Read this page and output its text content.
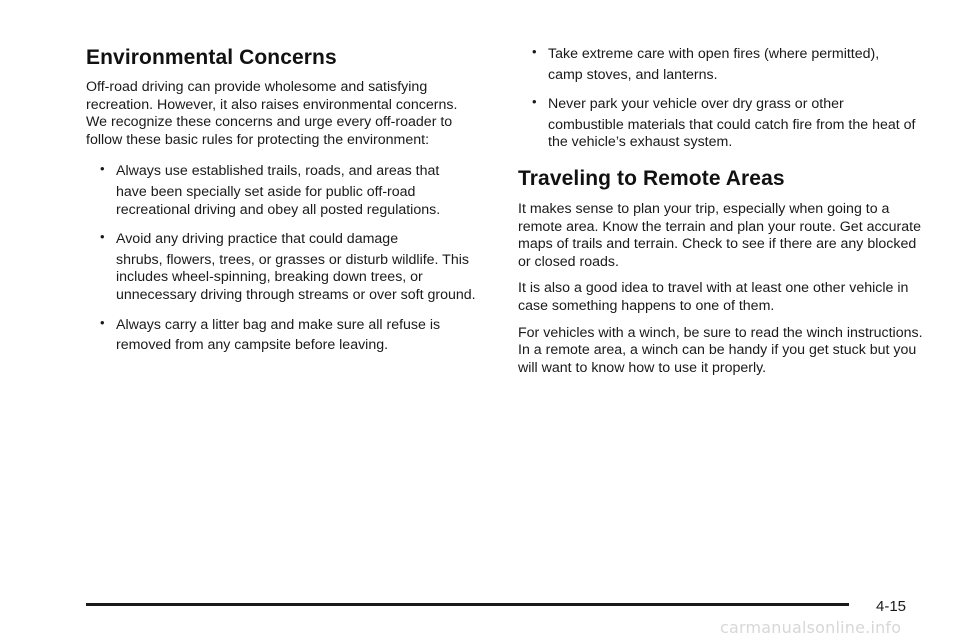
Environmental Concerns

Off-road driving can provide wholesome and satisfying recreation. However, it also raises environmental concerns. We recognize these concerns and urge every off-roader to follow these basic rules for protecting the environment:

• Always use established trails, roads, and areas that
have been specially set aside for public off-road recreational driving and obey all posted regulations.
• Avoid any driving practice that could damage
shrubs, flowers, trees, or grasses or disturb wildlife. This includes wheel-spinning, breaking down trees, or unnecessary driving through streams or over soft ground.
• Always carry a litter bag and make sure all refuse is
removed from any campsite before leaving.
• Take extreme care with open fires (where permitted),
camp stoves, and lanterns.
• Never park your vehicle over dry grass or other
combustible materials that could catch fire from the heat of the vehicle’s exhaust system.
Traveling to Remote Areas

It makes sense to plan your trip, especially when going to a remote area. Know the terrain and plan your route. Get accurate maps of trails and terrain. Check to see if there are any blocked or closed roads.

It is also a good idea to travel with at least one other vehicle in case something happens to one of them.

For vehicles with a winch, be sure to read the winch instructions. In a remote area, a winch can be handy if you get stuck but you will want to know how to use it properly.

4-15
carmanualsonline.info
